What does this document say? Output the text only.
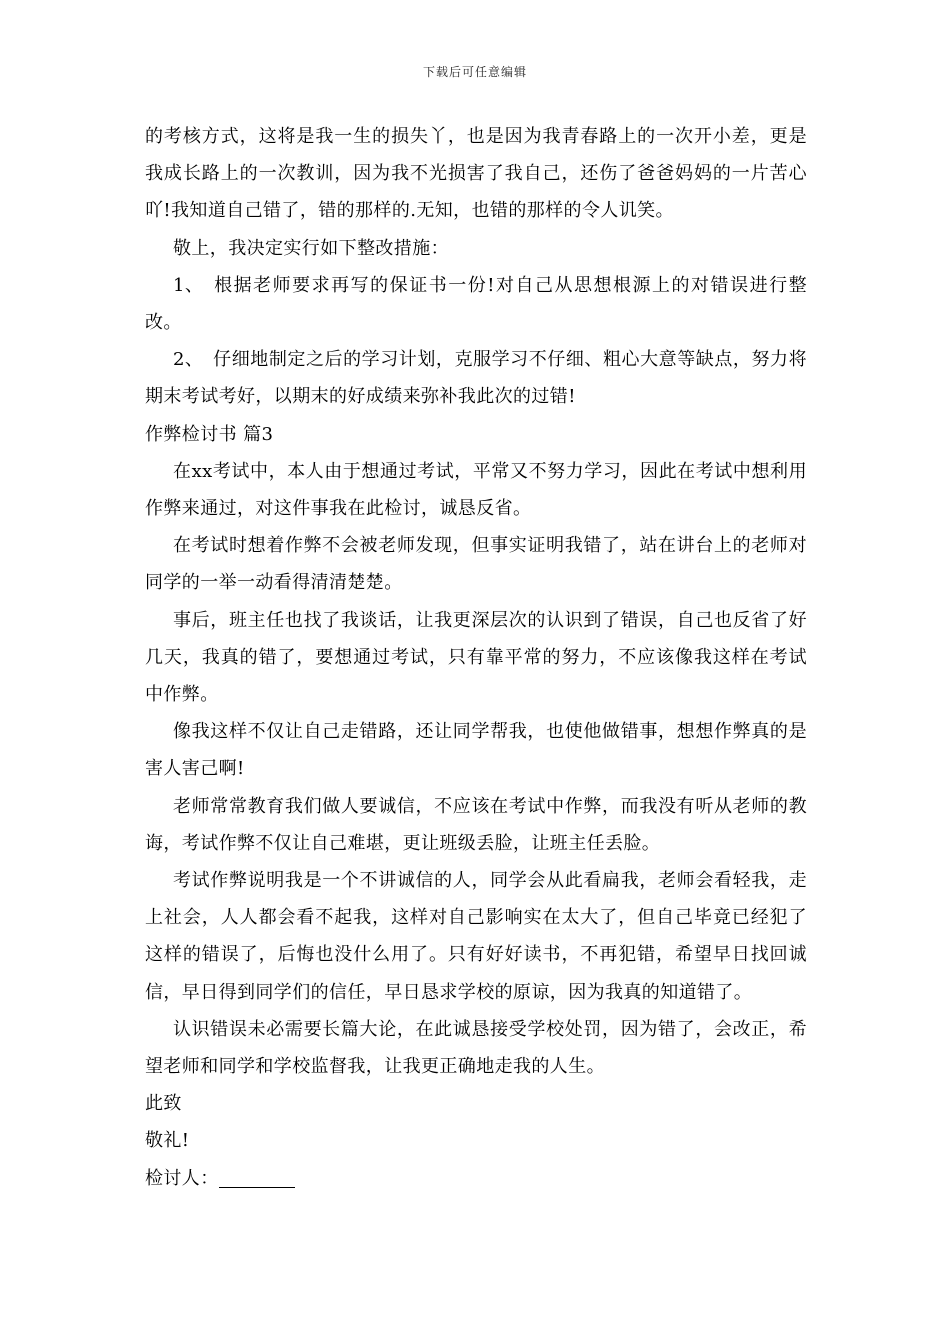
下载后可任意编辑

的考核方式，这将是我一生的损失丫，也是因为我青春路上的一次开小差，更是我成长路上的一次教训，因为我不光损害了我自己，还伤了爸爸妈妈的一片苦心吖!我知道自己错了，错的那样的.无知，也错的那样的令人讥笑。

敬上，我决定实行如下整改措施：

1、 根据老师要求再写的保证书一份!对自己从思想根源上的对错误进行整改。

2、 仔细地制定之后的学习计划，克服学习不仔细、粗心大意等缺点，努力将期末考试考好，以期末的好成绩来弥补我此次的过错!

作弊检讨书 篇3

在xx考试中，本人由于想通过考试，平常又不努力学习，因此在考试中想利用作弊来通过，对这件事我在此检讨，诚恳反省。

在考试时想着作弊不会被老师发现，但事实证明我错了，站在讲台上的老师对同学的一举一动看得清清楚楚。

事后，班主任也找了我谈话，让我更深层次的认识到了错误，自己也反省了好几天，我真的错了，要想通过考试，只有靠平常的努力，不应该像我这样在考试中作弊。

像我这样不仅让自己走错路，还让同学帮我，也使他做错事，想想作弊真的是害人害己啊!

老师常常教育我们做人要诚信，不应该在考试中作弊，而我没有听从老师的教诲，考试作弊不仅让自己难堪，更让班级丢脸，让班主任丢脸。

考试作弊说明我是一个不讲诚信的人，同学会从此看扁我，老师会看轻我，走上社会，人人都会看不起我，这样对自己影响实在太大了，但自己毕竟已经犯了这样的错误了，后悔也没什么用了。只有好好读书，不再犯错，希望早日找回诚信，早日得到同学们的信任，早日恳求学校的原谅，因为我真的知道错了。

认识错误未必需要长篇大论，在此诚恳接受学校处罚，因为错了，会改正，希望老师和同学和学校监督我，让我更正确地走我的人生。

此致

敬礼!

检讨人：
